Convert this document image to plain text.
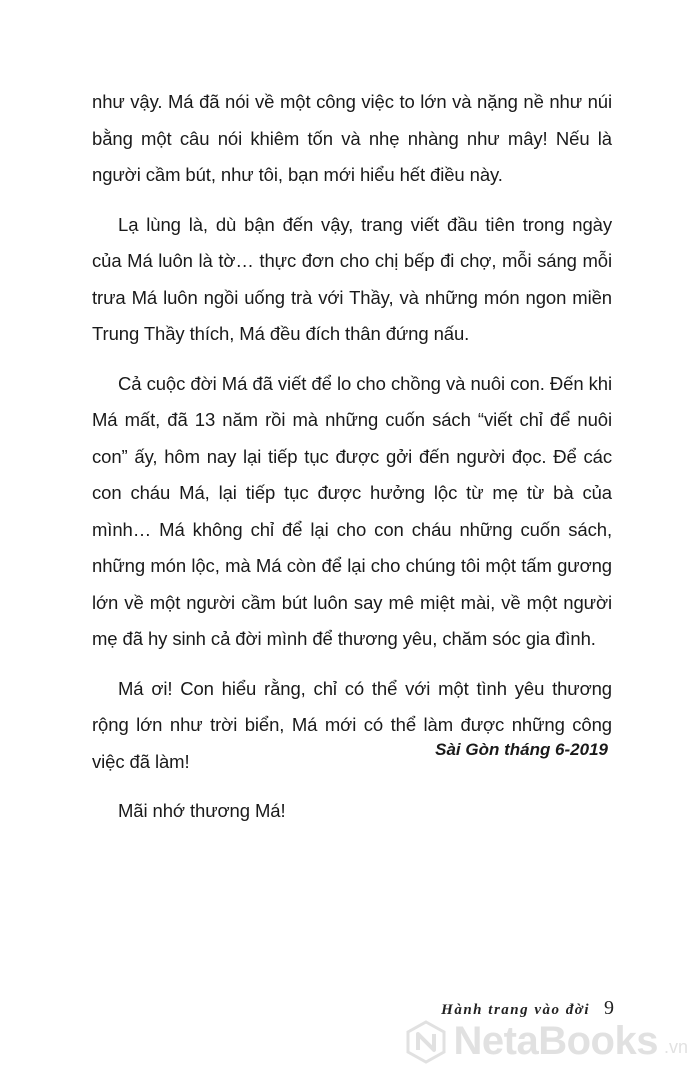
như vậy. Má đã nói về một công việc to lớn và nặng nề như núi bằng một câu nói khiêm tốn và nhẹ nhàng như mây! Nếu là người cầm bút, như tôi, bạn mới hiểu hết điều này.

Lạ lùng là, dù bận đến vậy, trang viết đầu tiên trong ngày của Má luôn là tờ… thực đơn cho chị bếp đi chợ, mỗi sáng mỗi trưa Má luôn ngồi uống trà với Thầy, và những món ngon miền Trung Thầy thích, Má đều đích thân đứng nấu.

Cả cuộc đời Má đã viết để lo cho chồng và nuôi con. Đến khi Má mất, đã 13 năm rồi mà những cuốn sách “viết chỉ để nuôi con” ấy, hôm nay lại tiếp tục được gởi đến người đọc. Để các con cháu Má, lại tiếp tục được hưởng lộc từ mẹ từ bà của mình… Má không chỉ để lại cho con cháu những cuốn sách, những món lộc, mà Má còn để lại cho chúng tôi một tấm gương lớn về một người cầm bút luôn say mê miệt mài, về một người mẹ đã hy sinh cả đời mình để thương yêu, chăm sóc gia đình.

Má ơi! Con hiểu rằng, chỉ có thể với một tình yêu thương rộng lớn như trời biển, Má mới có thể làm được những công việc đã làm!

Mãi nhớ thương Má!

Sài Gòn tháng 6-2019
Hành trang vào đời 9
NetaBooks .vn
